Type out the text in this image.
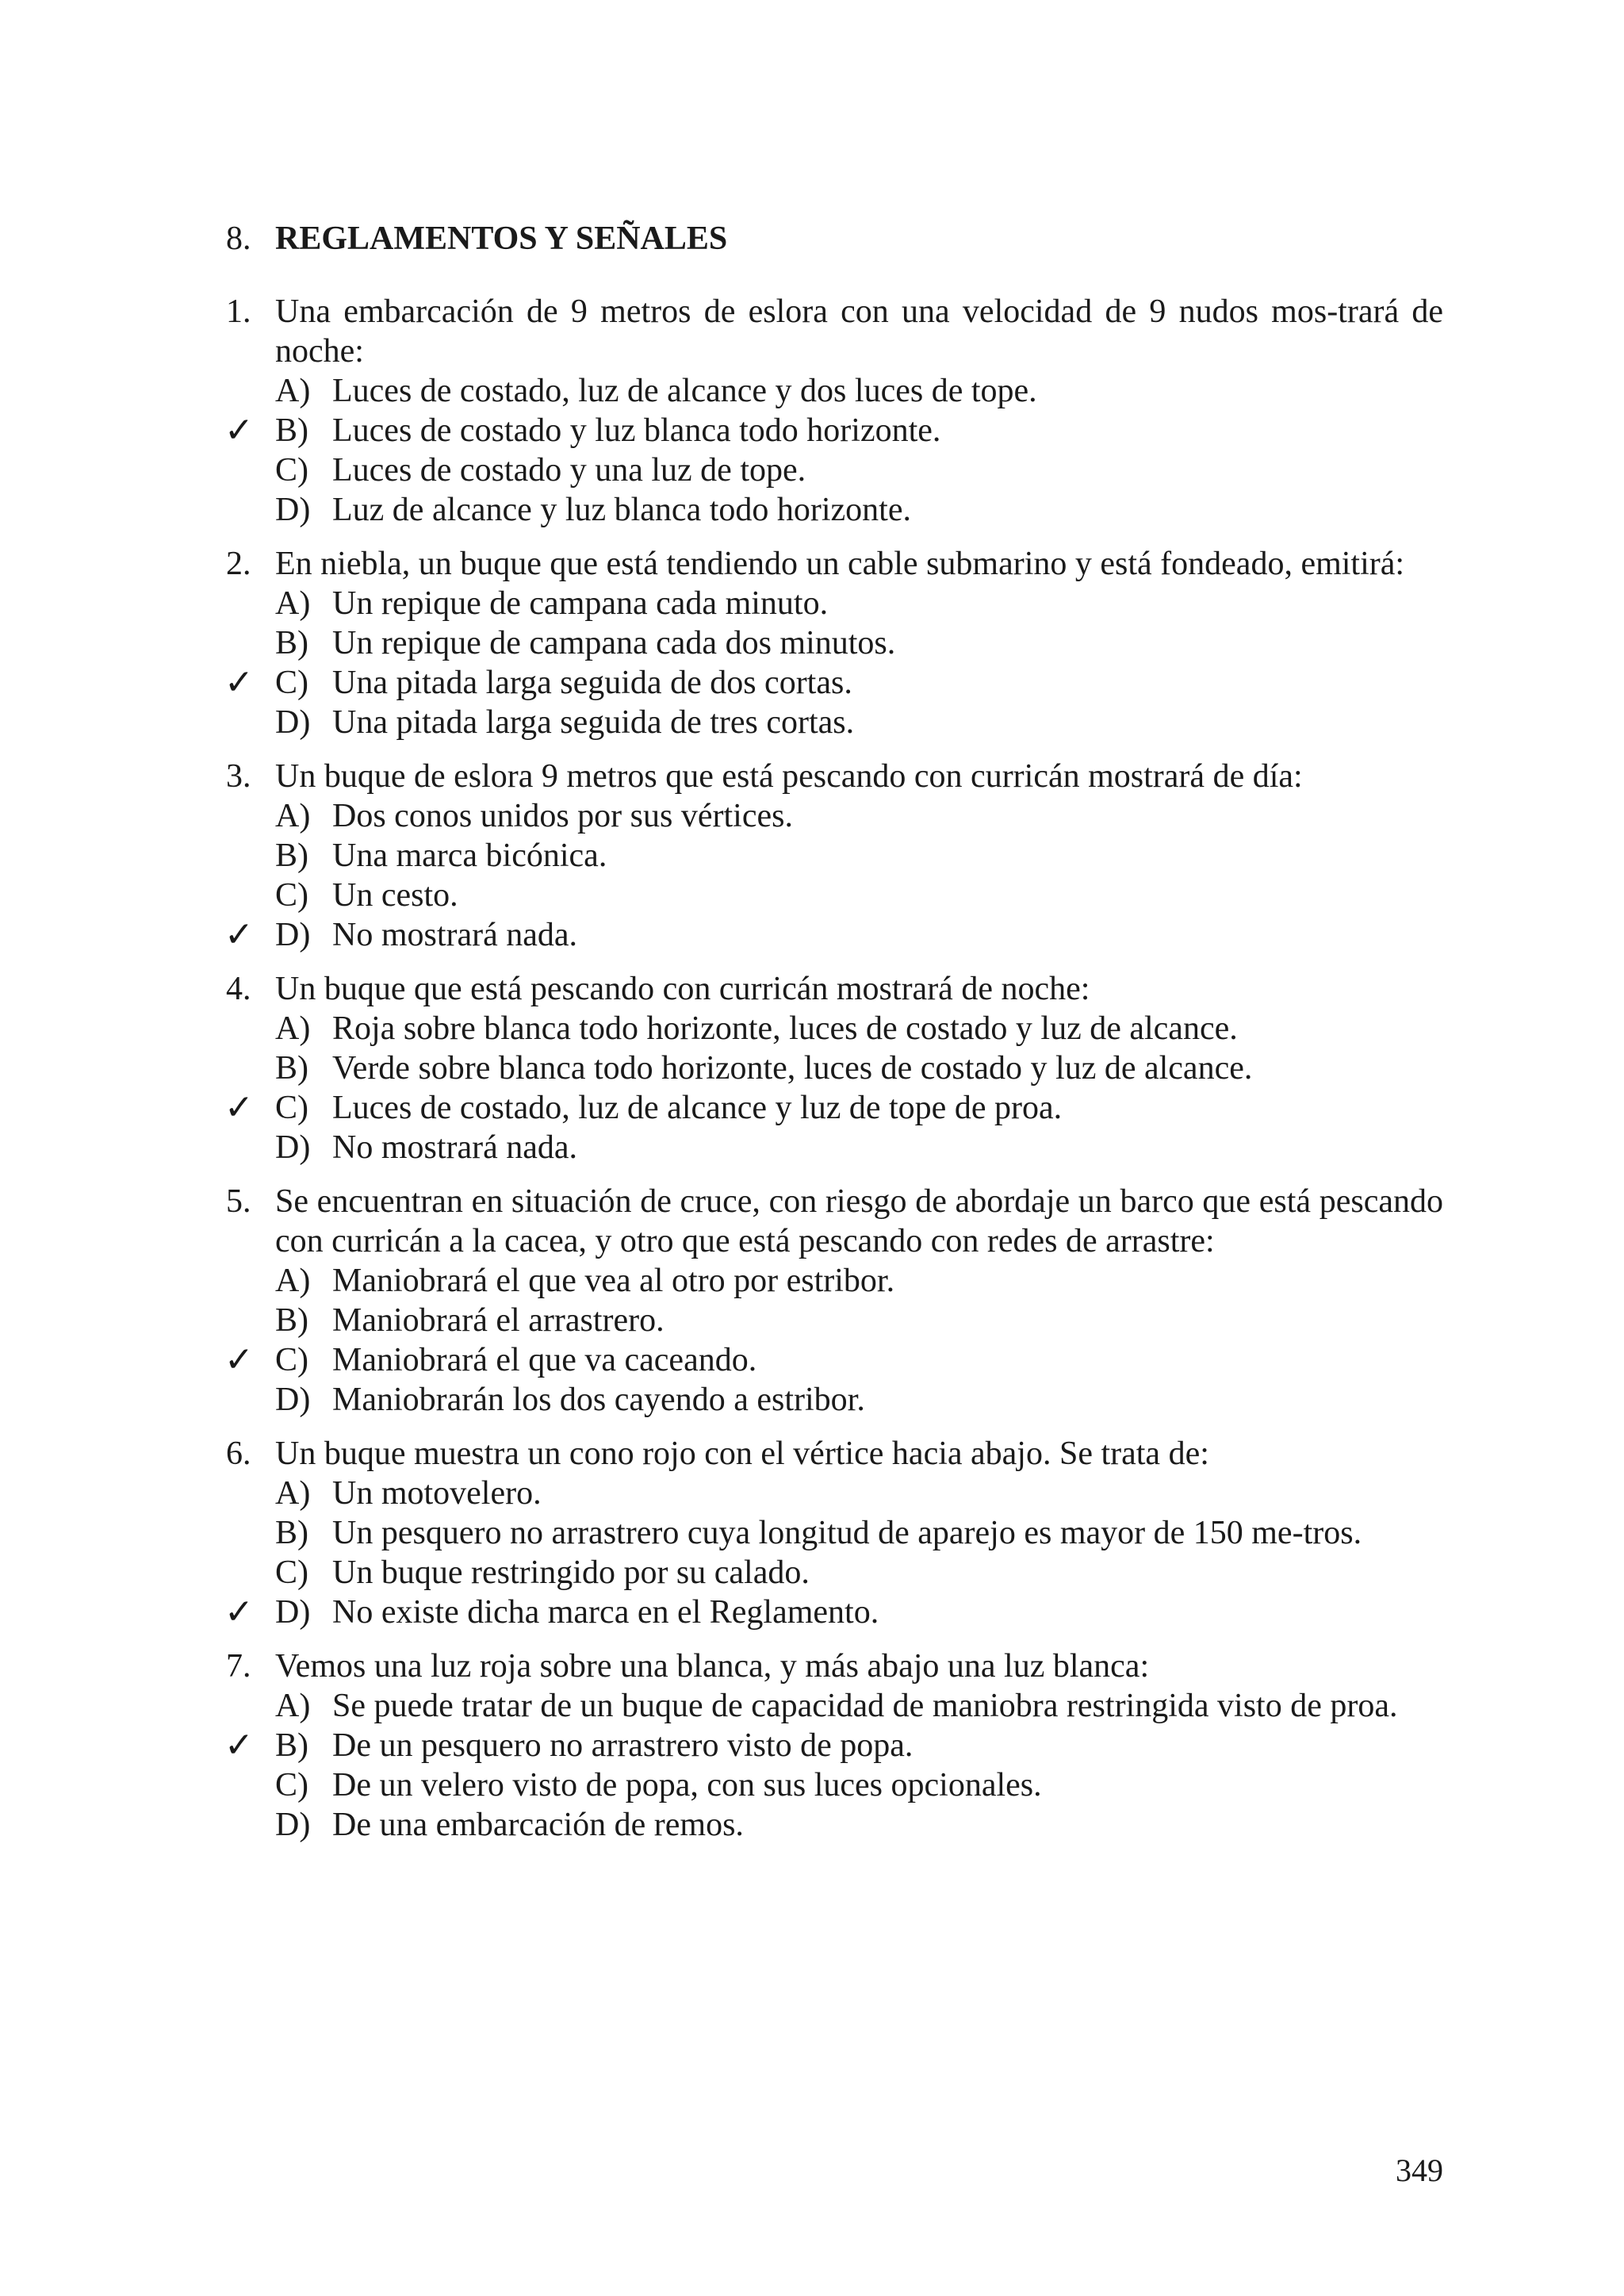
8. REGLAMENTOS Y SEÑALES
1. Una embarcación de 9 metros de eslora con una velocidad de 9 nudos mos-trará de noche:
A) Luces de costado, luz de alcance y dos luces de tope.
✓ B) Luces de costado y luz blanca todo horizonte.
C) Luces de costado y una luz de tope.
D) Luz de alcance y luz blanca todo horizonte.
2. En niebla, un buque que está tendiendo un cable submarino y está fondeado, emitirá:
A) Un repique de campana cada minuto.
B) Un repique de campana cada dos minutos.
✓ C) Una pitada larga seguida de dos cortas.
D) Una pitada larga seguida de tres cortas.
3. Un buque de eslora 9 metros que está pescando con curricán mostrará de día:
A) Dos conos unidos por sus vértices.
B) Una marca bicónica.
C) Un cesto.
✓ D) No mostrará nada.
4. Un buque que está pescando con curricán mostrará de noche:
A) Roja sobre blanca todo horizonte, luces de costado y luz de alcance.
B) Verde sobre blanca todo horizonte, luces de costado y luz de alcance.
✓ C) Luces de costado, luz de alcance y luz de tope de proa.
D) No mostrará nada.
5. Se encuentran en situación de cruce, con riesgo de abordaje un barco que está pescando con curricán a la cacea, y otro que está pescando con redes de arrastre:
A) Maniobrará el que vea al otro por estribor.
B) Maniobrará el arrastrero.
✓ C) Maniobrará el que va caceando.
D) Maniobrarán los dos cayendo a estribor.
6. Un buque muestra un cono rojo con el vértice hacia abajo. Se trata de:
A) Un motovelero.
B) Un pesquero no arrastrero cuya longitud de aparejo es mayor de 150 me-tros.
C) Un buque restringido por su calado.
✓ D) No existe dicha marca en el Reglamento.
7. Vemos una luz roja sobre una blanca, y más abajo una luz blanca:
A) Se puede tratar de un buque de capacidad de maniobra restringida visto de proa.
✓ B) De un pesquero no arrastrero visto de popa.
C) De un velero visto de popa, con sus luces opcionales.
D) De una embarcación de remos.
349
